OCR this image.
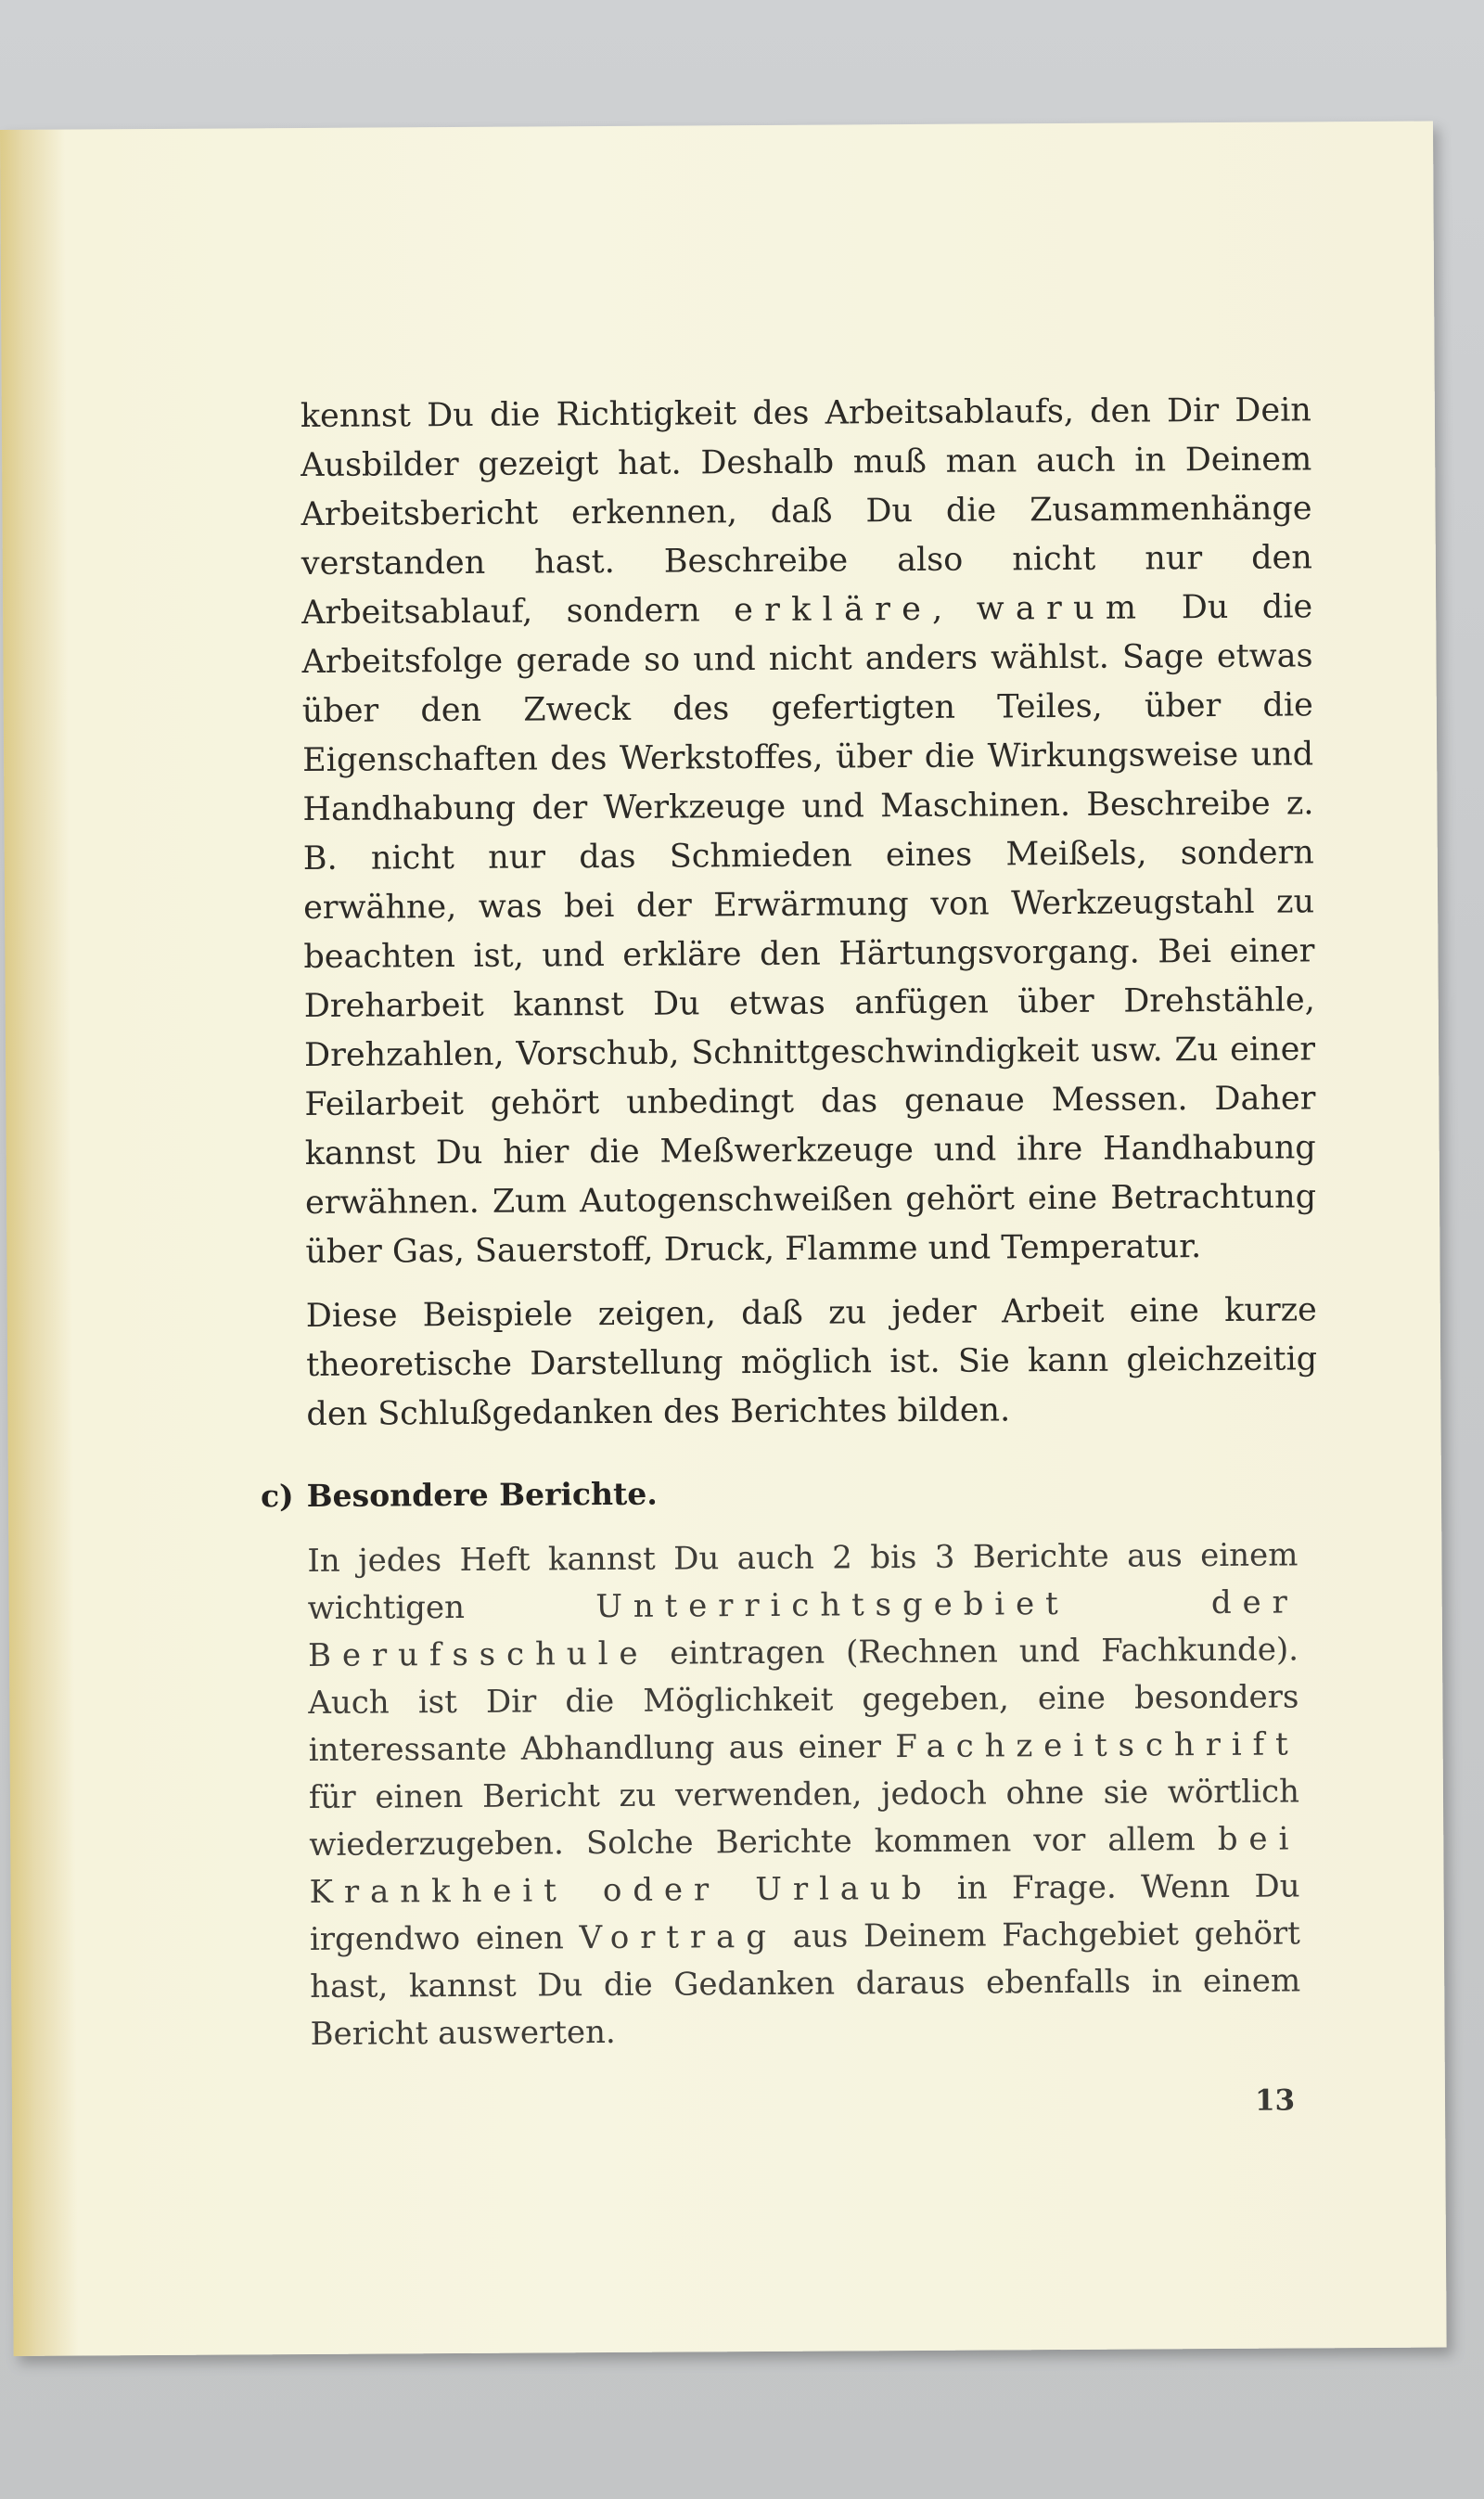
kennst Du die Richtigkeit des Arbeitsablaufs, den Dir Dein Ausbilder gezeigt hat. Deshalb muß man auch in Deinem Arbeitsbericht erkennen, daß Du die Zusammenhänge verstanden hast. Beschreibe also nicht nur den Arbeitsablauf, sondern erkläre, warum Du die Arbeitsfolge gerade so und nicht anders wählst. Sage etwas über den Zweck des gefertigten Teiles, über die Eigenschaften des Werkstoffes, über die Wirkungsweise und Handhabung der Werkzeuge und Maschinen. Beschreibe z. B. nicht nur das Schmieden eines Meißels, sondern erwähne, was bei der Erwärmung von Werkzeugstahl zu beachten ist, und erkläre den Härtungsvorgang. Bei einer Dreharbeit kannst Du etwas anfügen über Drehstähle, Drehzahlen, Vorschub, Schnittgeschwindigkeit usw. Zu einer Feilarbeit gehört unbedingt das genaue Messen. Daher kannst Du hier die Meßwerkzeuge und ihre Handhabung erwähnen. Zum Autogenschweißen gehört eine Betrachtung über Gas, Sauerstoff, Druck, Flamme und Temperatur.

Diese Beispiele zeigen, daß zu jeder Arbeit eine kurze theoretische Darstellung möglich ist. Sie kann gleichzeitig den Schlußgedanken des Berichtes bilden.

c) Besondere Berichte.

In jedes Heft kannst Du auch 2 bis 3 Berichte aus einem wichtigen Unterrichtsgebiet der Berufsschule eintragen (Rechnen und Fachkunde). Auch ist Dir die Möglichkeit gegeben, eine besonders interessante Abhandlung aus einer Fachzeitschrift für einen Bericht zu verwenden, jedoch ohne sie wörtlich wiederzugeben. Solche Berichte kommen vor allem bei Krankheit oder Urlaub in Frage. Wenn Du irgendwo einen Vortrag aus Deinem Fachgebiet gehört hast, kannst Du die Gedanken daraus ebenfalls in einem Bericht auswerten.

13
